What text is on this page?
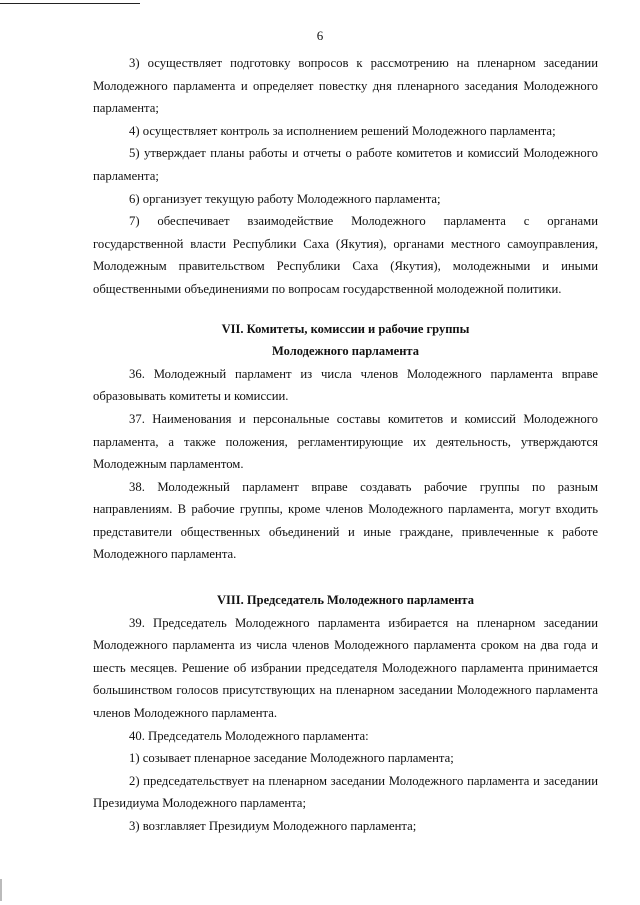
6

3) осуществляет подготовку вопросов к рассмотрению на пленарном заседании Молодежного парламента и определяет повестку дня пленарного заседания Молодежного парламента;

4) осуществляет контроль за исполнением решений Молодежного парламента;

5) утверждает планы работы и отчеты о работе комитетов и комиссий Молодежного парламента;

6) организует текущую работу Молодежного парламента;

7) обеспечивает взаимодействие Молодежного парламента с органами государственной власти Республики Саха (Якутия), органами местного самоуправления, Молодежным правительством Республики Саха (Якутия), молодежными и иными общественными объединениями по вопросам государственной молодежной политики.

VII. Комитеты, комиссии и рабочие группы

Молодежного парламента

36. Молодежный парламент из числа членов Молодежного парламента вправе образовывать комитеты и комиссии.

37. Наименования и персональные составы комитетов и комиссий Молодежного парламента, а также положения, регламентирующие их деятельность, утверждаются Молодежным парламентом.

38. Молодежный парламент вправе создавать рабочие группы по разным направлениям. В рабочие группы, кроме членов Молодежного парламента, могут входить представители общественных объединений и иные граждане, привлеченные к работе Молодежного парламента.

VIII. Председатель Молодежного парламента

39. Председатель Молодежного парламента избирается на пленарном заседании Молодежного парламента из числа членов Молодежного парламента сроком на два года и шесть месяцев. Решение об избрании председателя Молодежного парламента принимается большинством голосов присутствующих на пленарном заседании Молодежного парламента членов Молодежного парламента.

40. Председатель Молодежного парламента:

1) созывает пленарное заседание Молодежного парламента;

2) председательствует на пленарном заседании Молодежного парламента и заседании Президиума Молодежного парламента;

3) возглавляет Президиум Молодежного парламента;
